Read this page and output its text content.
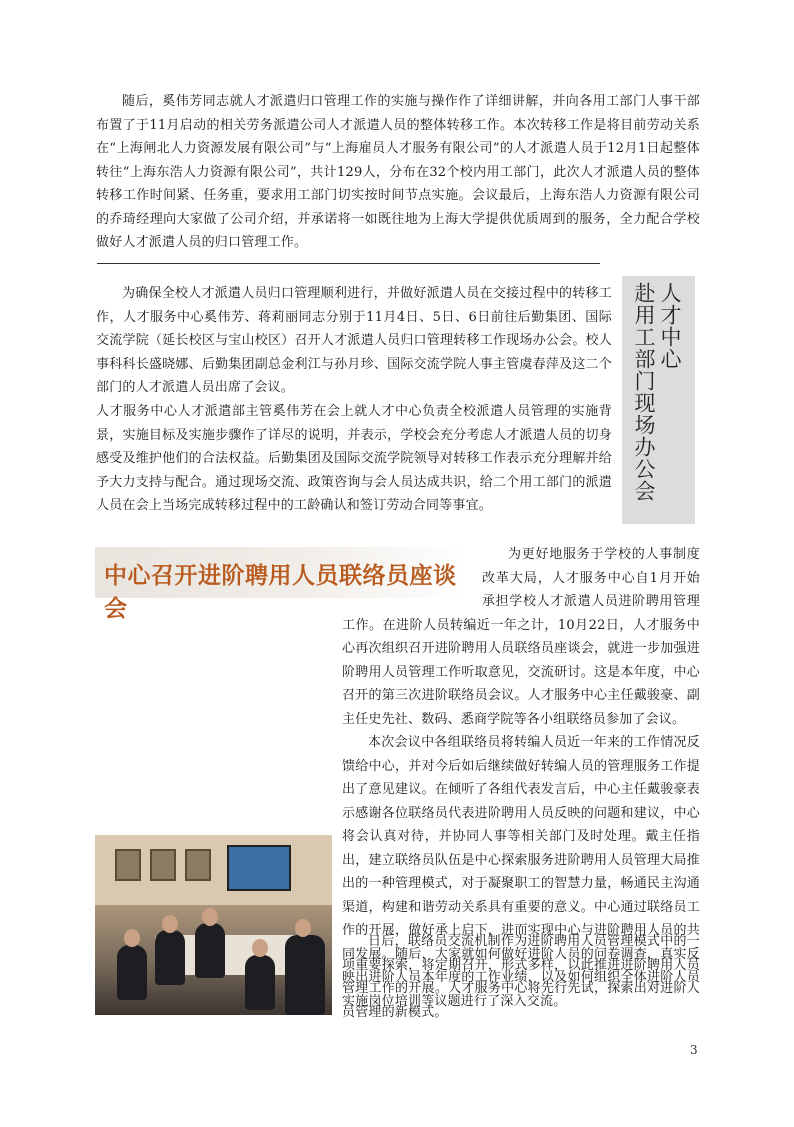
随后，奚伟芳同志就人才派遣归口管理工作的实施与操作作了详细讲解，并向各用工部门人事干部布置了于11月启动的相关劳务派遣公司人才派遣人员的整体转移工作。本次转移工作是将目前劳动关系在“上海闸北人力资源发展有限公司”与“上海雇员人才服务有限公司”的人才派遣人员于12月1日起整体转往“上海东浩人力资源有限公司”，共计129人，分布在32个校内用工部门，此次人才派遣人员的整体转移工作时间紧、任务重，要求用工部门切实按时间节点实施。会议最后，上海东浩人力资源有限公司的乔琦经理向大家做了公司介绍，并承诺将一如既往地为上海大学提供优质周到的服务，全力配合学校做好人才派遣人员的归口管理工作。

为确保全校人才派遣人员归口管理顺利进行，并做好派遣人员在交接过程中的转移工作，人才服务中心奚伟芳、蒋莉丽同志分别于11月4日、5日、6日前往后勤集团、国际交流学院（延长校区与宝山校区）召开人才派遣人员归口管理转移工作现场办公会。校人事科科长盛晓娜、后勤集团副总金利江与孙月珍、国际交流学院人事主管虞春萍及这二个部门的人才派遣人员出席了会议。

人才服务中心人才派遣部主管奚伟芳在会上就人才中心负责全校派遣人员管理的实施背景，实施目标及实施步骤作了详尽的说明，并表示，学校会充分考虑人才派遣人员的切身感受及维护他们的合法权益。后勤集团及国际交流学院领导对转移工作表示充分理解并给予大力支持与配合。通过现场交流、政策咨询与会人员达成共识，给二个用工部门的派遣人员在会上当场完成转移过程中的工龄确认和签订劳动合同等事宜。

人才中心
赴用工部门现场办公会
中心召开进阶聘用人员联络员座谈会
3

为更好地服务于学校的人事制度改革大局，人才服务中心自1月开始承担学校人才派遣人员进阶聘用管理工作。在进阶人员转编近一年之计，10月22日，人才服务中心再次组织召开进阶聘用人员联络员座谈会，就进一步加强进阶聘用人员管理工作听取意见，交流研讨。这是本年度，中心召开的第三次进阶联络员会议。人才服务中心主任戴骏豪、副主任史先社、数码、悉商学院等各小组联络员参加了会议。

本次会议中各组联络员将转编人员近一年来的工作情况反馈给中心，并对今后如后继续做好转编人员的管理服务工作提出了意见建议。在倾听了各组代表发言后，中心主任戴骏豪表示感谢各位联络员代表进阶聘用人员反映的问题和建议，中心将会认真对待，并协同人事等相关部门及时处理。戴主任指出，建立联络员队伍是中心探索服务进阶聘用人员管理大局推出的一种管理模式，对于凝聚职工的智慧力量，畅通民主沟通渠道，构建和谐劳动关系具有重要的意义。中心通过联络员工作的开展，做好承上启下，进而实现中心与进阶聘用人员的共同发展。随后，大家就如何做好进阶人员的问卷调查，真实反映出进阶人员本年度的工作业绩，以及如何组织全体进阶人员实施岗位培训等议题进行了深入交流。

日后，联络员交流机制作为进阶聘用人员管理模式中的一项重要探索，将定期召开，形式多样，以此推进进阶聘用人员管理工作的开展。人才服务中心将先行先试，探索出对进阶人员管理的新模式。
